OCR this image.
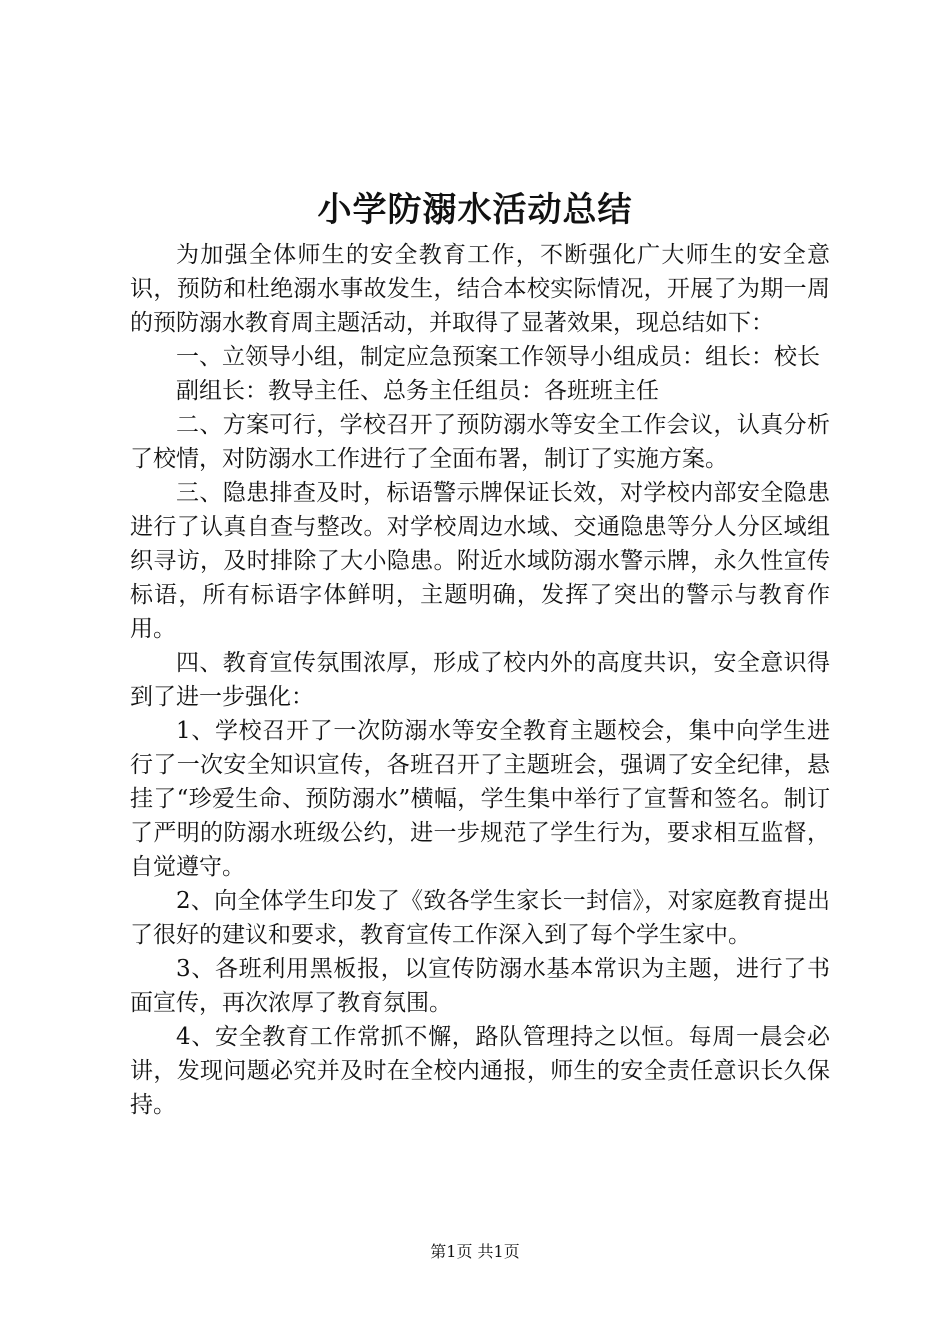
小学防溺水活动总结

为加强全体师生的安全教育工作，不断强化广大师生的安全意识，预防和杜绝溺水事故发生，结合本校实际情况，开展了为期一周的预防溺水教育周主题活动，并取得了显著效果，现总结如下：

一、立领导小组，制定应急预案工作领导小组成员：组长：校长

副组长：教导主任、总务主任组员：各班班主任

二、方案可行，学校召开了预防溺水等安全工作会议，认真分析了校情，对防溺水工作进行了全面布署，制订了实施方案。

三、隐患排查及时，标语警示牌保证长效，对学校内部安全隐患进行了认真自查与整改。对学校周边水域、交通隐患等分人分区域组织寻访，及时排除了大小隐患。附近水域防溺水警示牌，永久性宣传标语，所有标语字体鲜明，主题明确，发挥了突出的警示与教育作用。

四、教育宣传氛围浓厚，形成了校内外的高度共识，安全意识得到了进一步强化：

1、学校召开了一次防溺水等安全教育主题校会，集中向学生进行了一次安全知识宣传，各班召开了主题班会，强调了安全纪律，悬挂了“珍爱生命、预防溺水”横幅，学生集中举行了宣誓和签名。制订了严明的防溺水班级公约，进一步规范了学生行为，要求相互监督，自觉遵守。

2、向全体学生印发了《致各学生家长一封信》，对家庭教育提出了很好的建议和要求，教育宣传工作深入到了每个学生家中。

3、各班利用黑板报，以宣传防溺水基本常识为主题，进行了书面宣传，再次浓厚了教育氛围。

4、安全教育工作常抓不懈，路队管理持之以恒。每周一晨会必讲，发现问题必究并及时在全校内通报，师生的安全责任意识长久保持。

第1页 共1页
